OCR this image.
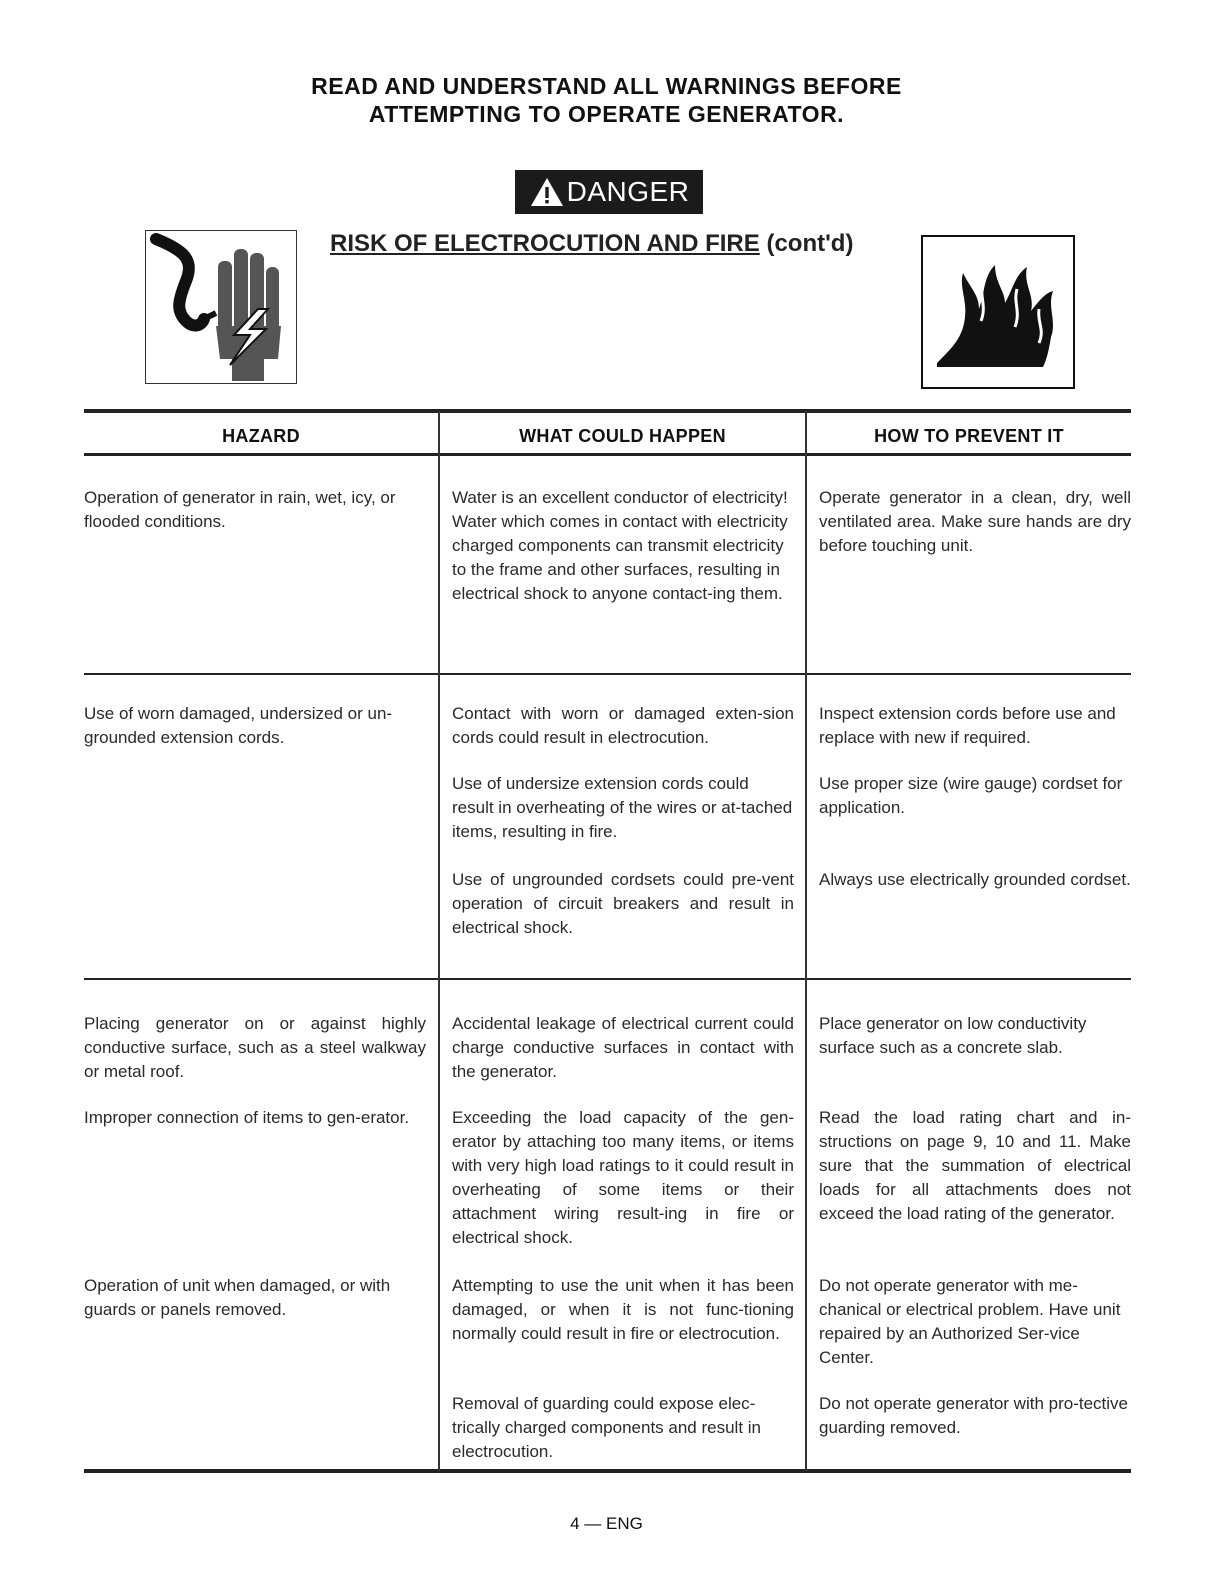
READ AND UNDERSTAND ALL WARNINGS BEFORE
ATTEMPTING TO OPERATE GENERATOR.
DANGER
RISK OF ELECTROCUTION AND FIRE (cont'd)
HAZARD	WHAT COULD HAPPEN	HOW TO PREVENT IT
Operation of generator in rain, wet, icy, or flooded conditions.
Water is an excellent conductor of electricity! Water which comes in contact with electricity charged components can transmit electricity to the frame and other surfaces, resulting in electrical shock to anyone contact-ing them.
Operate generator in a clean, dry, well ventilated area. Make sure hands are dry before touching unit.
Use of worn damaged, undersized or un-grounded extension cords.
Contact with worn or damaged exten-sion cords could result in electrocution.
Use of undersize extension cords could result in overheating of the wires or at-tached items, resulting in fire.
Use of ungrounded cordsets could pre-vent operation of circuit breakers and result in electrical shock.
Inspect extension cords before use and replace with new if required.
Use proper size (wire gauge) cordset for application.
Always use electrically grounded cordset.
Placing generator on or against highly conductive surface, such as a steel walkway or metal roof.
Improper connection of items to gen-erator.
Operation of unit when damaged, or with guards or panels removed.
Accidental leakage of electrical current could charge conductive surfaces in contact with the generator.
Exceeding the load capacity of the gen-erator by attaching too many items, or items with very high load ratings to it could result in overheating of some items or their attachment wiring result-ing in fire or electrical shock.
Attempting to use the unit when it has been damaged, or when it is not func-tioning normally could result in fire or electrocution.
Removal of guarding could expose elec-trically charged components and result in electrocution.
Place generator on low conductivity surface such as a concrete slab.
Read the load rating chart and in-structions on page 9, 10 and 11. Make sure that the summation of electrical loads for all attachments does not exceed the load rating of the generator.
Do not operate generator with me-chanical or electrical problem. Have unit repaired by an Authorized Ser-vice Center.
Do not operate generator with pro-tective guarding removed.
4 — ENG
